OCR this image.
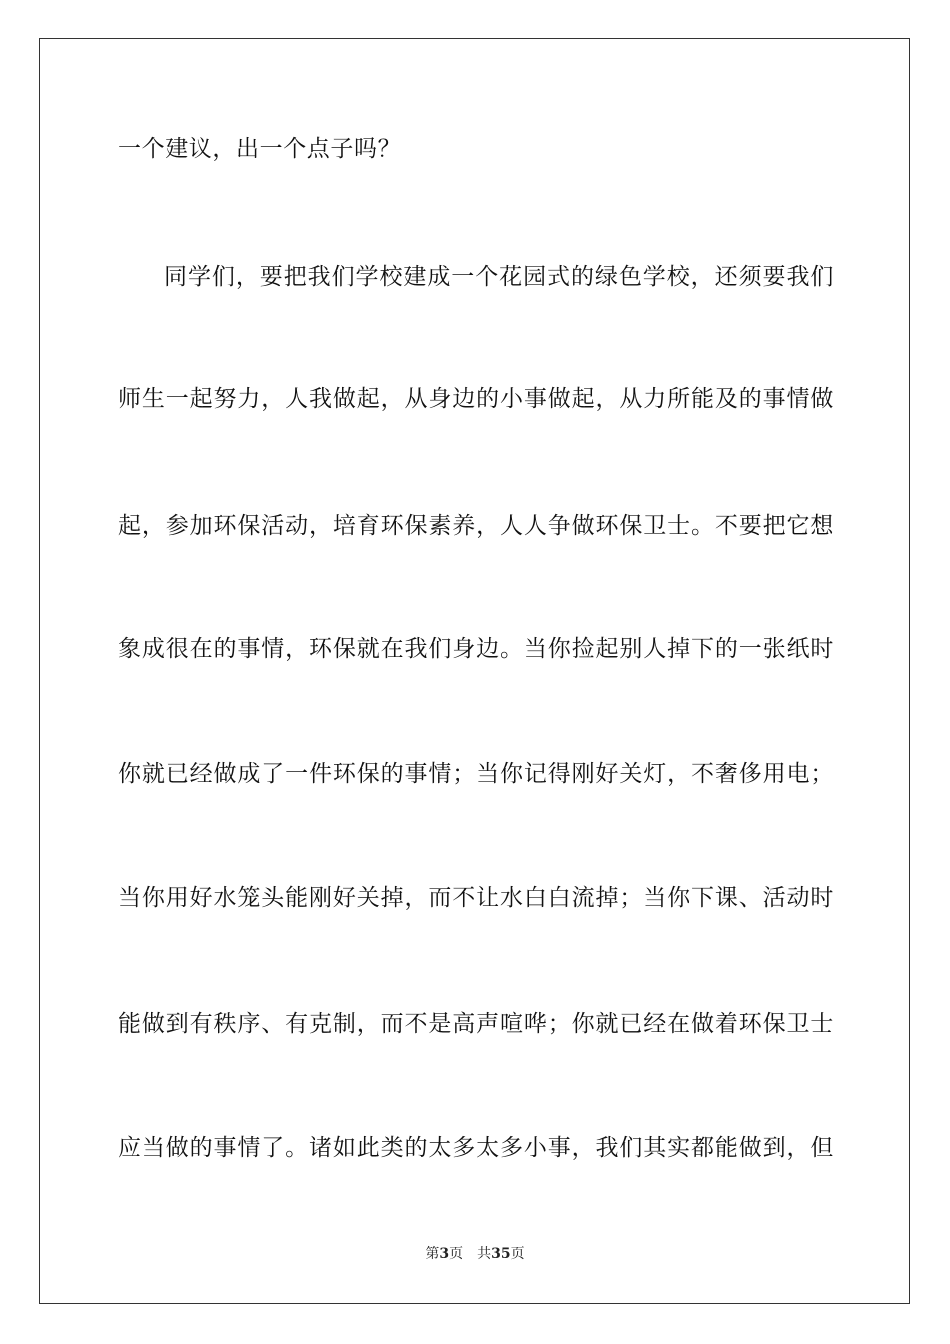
一个建议，出一个点子吗？
同学们，要把我们学校建成一个花园式的绿色学校，还须要我们
师生一起努力，人我做起，从身边的小事做起，从力所能及的事情做
起，参加环保活动，培育环保素养，人人争做环保卫士。不要把它想
象成很在的事情，环保就在我们身边。当你捡起别人掉下的一张纸时
你就已经做成了一件环保的事情；当你记得刚好关灯，不奢侈用电；
当你用好水笼头能刚好关掉，而不让水白白流掉；当你下课、活动时
能做到有秩序、有克制，而不是高声喧哗；你就已经在做着环保卫士
应当做的事情了。诸如此类的太多太多小事，我们其实都能做到，但
第3页 共35页
